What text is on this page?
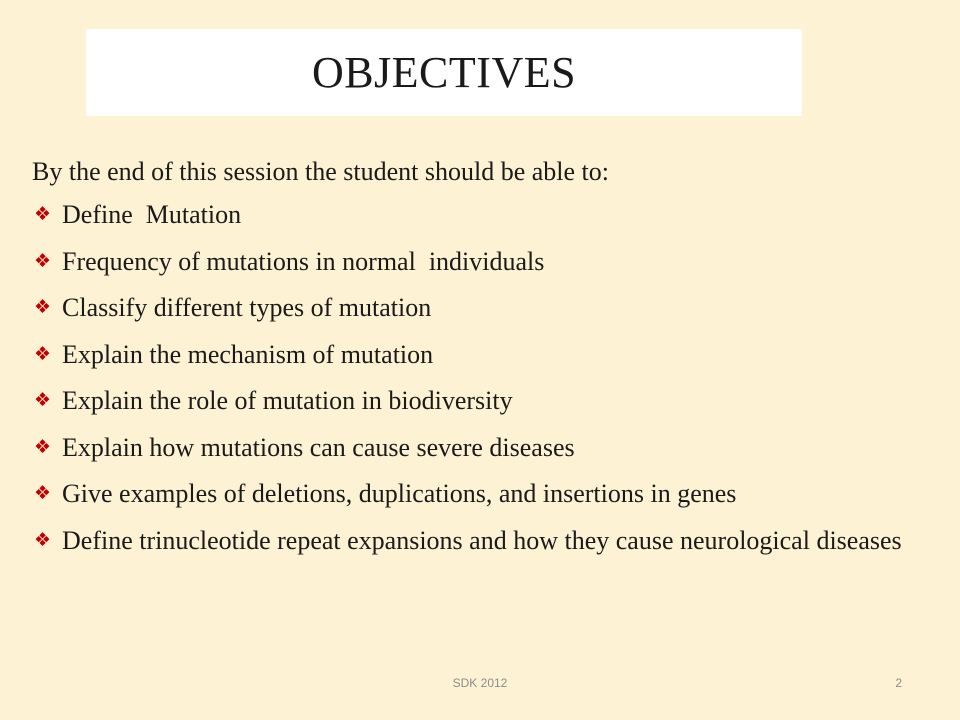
OBJECTIVES

By the end of this session the student should be able to:

❖ Define  Mutation
❖ Frequency of mutations in normal  individuals
❖ Classify different types of mutation
❖ Explain the mechanism of mutation
❖ Explain the role of mutation in biodiversity
❖ Explain how mutations can cause severe diseases
❖ Give examples of deletions, duplications, and insertions in genes
❖ Define trinucleotide repeat expansions and how they cause neurological diseases
SDK 2012	2
